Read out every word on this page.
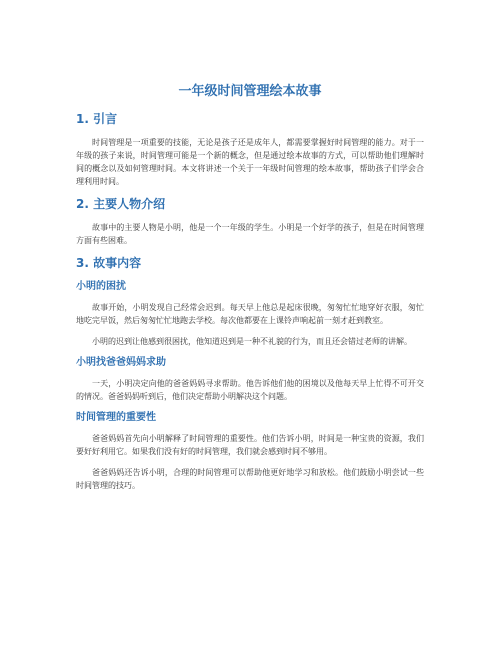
一年级时间管理绘本故事
1. 引言

时间管理是一项重要的技能，无论是孩子还是成年人，都需要掌握好时间管理的能力。对于一年级的孩子来说，时间管理可能是一个新的概念，但是通过绘本故事的方式，可以帮助他们理解时间的概念以及如何管理时间。本文将讲述一个关于一年级时间管理的绘本故事，帮助孩子们学会合理利用时间。

2. 主要人物介绍

故事中的主要人物是小明，他是一个一年级的学生。小明是一个好学的孩子，但是在时间管理方面有些困难。

3. 故事内容
小明的困扰

故事开始，小明发现自己经常会迟到。每天早上他总是起床很晚，匆匆忙忙地穿好衣服，匆忙地吃完早饭，然后匆匆忙忙地跑去学校。每次他都要在上课铃声响起前一刻才赶到教室。

小明的迟到让他感到很困扰，他知道迟到是一种不礼貌的行为，而且还会错过老师的讲解。

小明找爸爸妈妈求助

一天，小明决定向他的爸爸妈妈寻求帮助。他告诉他们他的困境以及他每天早上忙得不可开交的情况。爸爸妈妈听到后，他们决定帮助小明解决这个问题。

时间管理的重要性

爸爸妈妈首先向小明解释了时间管理的重要性。他们告诉小明，时间是一种宝贵的资源，我们要好好利用它。如果我们没有好的时间管理，我们就会感到时间不够用。

爸爸妈妈还告诉小明，合理的时间管理可以帮助他更好地学习和放松。他们鼓励小明尝试一些时间管理的技巧。
